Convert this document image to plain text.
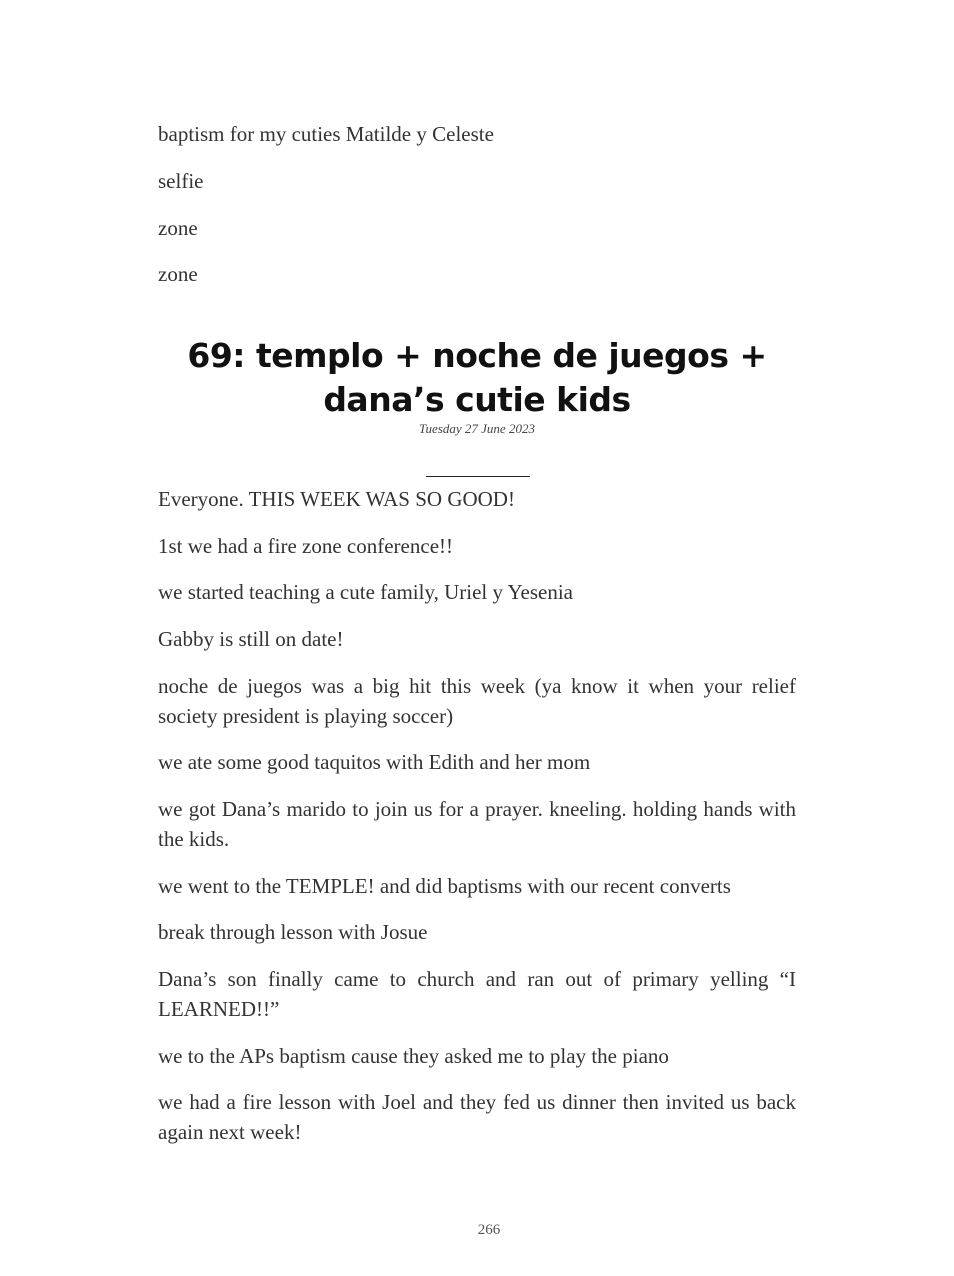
baptism for my cuties Matilde y Celeste

selfie

zone

zone

69: templo + noche de juegos + dana’s cutie kids

Tuesday 27 June 2023

Everyone. THIS WEEK WAS SO GOOD!

1st we had a fire zone conference!!

we started teaching a cute family, Uriel y Yesenia

Gabby is still on date!

noche de juegos was a big hit this week (ya know it when your relief society president is playing soccer)

we ate some good taquitos with Edith and her mom

we got Dana’s marido to join us for a prayer. kneeling. holding hands with the kids.

we went to the TEMPLE! and did baptisms with our recent converts

break through lesson with Josue

Dana’s son finally came to church and ran out of primary yelling “I LEARNED!!”

we to the APs baptism cause they asked me to play the piano

we had a fire lesson with Joel and they fed us dinner then invited us back again next week!

266
